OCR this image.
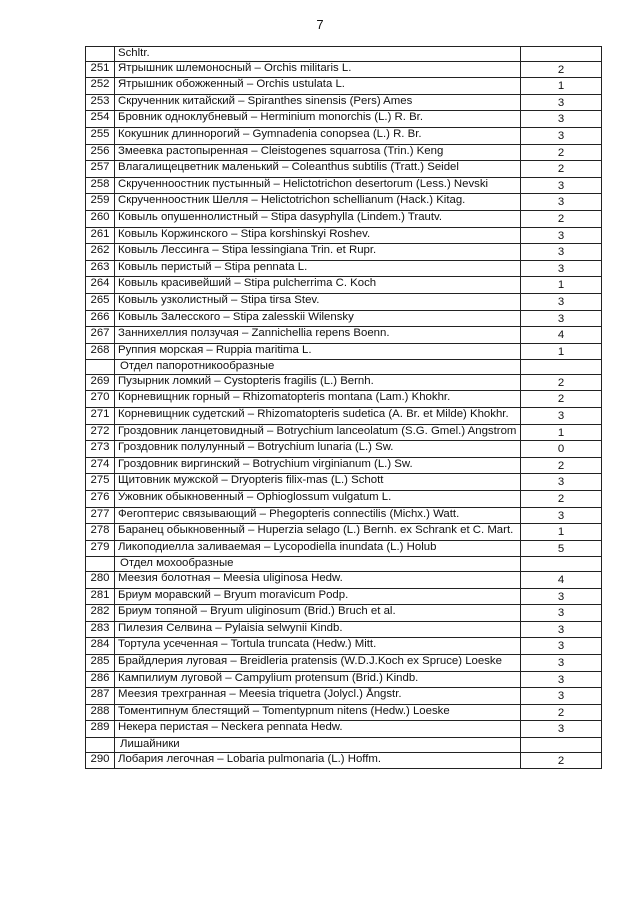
7
	Schltr.	
251	Ятрышник шлемоносный – Orchis militaris L.	2
252	Ятрышник обожженный – Orchis ustulata L.	1
253	Скрученник китайский – Spiranthes sinensis (Pers) Ames	3
254	Бровник одноклубневый – Herminium monorchis (L.) R. Br.	3
255	Кокушник длиннорогий – Gymnadenia conopsea (L.) R. Br.	3
256	Змеевка растопыренная – Cleistogenes squarrosa (Trin.) Keng	2
257	Влагалищецветник маленький – Coleanthus subtilis (Tratt.) Seidel	2
258	Скрученноостник пустынный – Helictotrichon desertorum (Less.) Nevski	3
259	Скрученноостник Шелля – Helictotrichon schellianum (Hack.) Kitag.	3
260	Ковыль опушеннолистный – Stipa dasyphylla (Lindem.) Trautv.	2
261	Ковыль Коржинского – Stipa korshinskyi Roshev.	3
262	Ковыль Лессинга – Stipa lessingiana Trin. et Rupr.	3
263	Ковыль перистый – Stipa pennata L.	3
264	Ковыль красивейший – Stipa pulcherrima C. Koch	1
265	Ковыль узколистный – Stipa tirsa Stev.	3
266	Ковыль Залесского – Stipa zalesskii Wilensky	3
267	Заннихеллия ползучая – Zannichellia repens Boenn.	4
268	Руппия морская – Ruppia maritima L.	1
	Отдел папоротникообразные	
269	Пузырник ломкий – Cystopteris fragilis (L.) Bernh.	2
270	Корневищник горный – Rhizomatopteris montana (Lam.) Khokhr.	2
271	Корневищник судетский – Rhizomatopteris sudetica (A. Br. et Milde) Khokhr.	3
272	Гроздовник ланцетовидный – Botrychium lanceolatum (S.G. Gmel.) Angstrom	1
273	Гроздовник полулунный – Botrychium lunaria (L.) Sw.	0
274	Гроздовник виргинский – Botrychium virginianum (L.) Sw.	2
275	Щитовник мужской – Dryopteris filix-mas (L.) Schott	3
276	Ужовник обыкновенный – Ophioglossum vulgatum L.	2
277	Фегоптерис связывающий – Phegopteris connectilis (Michx.) Watt.	3
278	Баранец обыкновенный – Huperzia selago (L.) Bernh. ex Schrank et C. Mart.	1
279	Ликоподиелла заливаемая – Lycopodiella inundata (L.) Holub	5
	Отдел мохообразные	
280	Меезия болотная – Meesia uliginosa Hedw.	4
281	Бриум моравский – Bryum moravicum Podp.	3
282	Бриум топяной – Bryum uliginosum (Brid.) Bruch et al.	3
283	Пилезия Селвина – Pylaisia selwynii Kindb.	3
284	Тортула усеченная – Tortula truncata (Hedw.) Mitt.	3
285	Брайдлерия луговая – Breidleria pratensis (W.D.J.Koch ex Spruce) Loeske	3
286	Кампилиум луговой – Campylium protensum (Brid.) Kindb.	3
287	Меезия трехгранная – Meesia triquetra (Jolycl.) Ångstr.	3
288	Томентипнум блестящий – Tomentypnum nitens (Hedw.) Loeske	2
289	Некера перистая – Neckera pennata Hedw.	3
	Лишайники	
290	Лобария легочная – Lobaria pulmonaria (L.) Hoffm.	2
